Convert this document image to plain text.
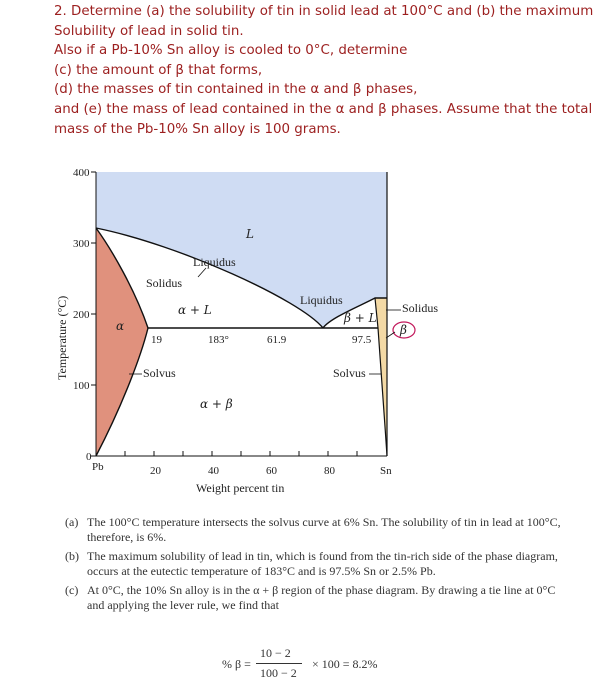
2. Determine (a) the solubility of tin in solid lead at 100°C and (b) the maximum
Solubility of lead in solid tin.
Also if a Pb-10% Sn alloy is cooled to 0°C, determine
(c) the amount of β that forms,
(d) the masses of tin contained in the α and β phases,
and (e) the mass of lead contained in the α and β phases. Assume that the total
mass of the Pb-10% Sn alloy is 100 grams.
400
300
200
100
0
Pb	20	40	60	80	Sn
Weight percent tin
Temperature (°C)
L
Liquidus
Solidus
α + L
α
19	183°	61.9
Liquidus
β + L
97.5
Solidus
β
Solvus	Solvus
α + β
(a) The 100°C temperature intersects the solvus curve at 6% Sn. The solubility of tin in lead at 100°C, therefore, is 6%.
(b) The maximum solubility of lead in tin, which is found from the tin-rich side of the phase diagram, occurs at the eutectic temperature of 183°C and is 97.5% Sn or 2.5% Pb.
(c) At 0°C, the 10% Sn alloy is in the α + β region of the phase diagram. By drawing a tie line at 0°C and applying the lever rule, we find that
% β =
10 − 2
100 − 2
× 100 = 8.2%
